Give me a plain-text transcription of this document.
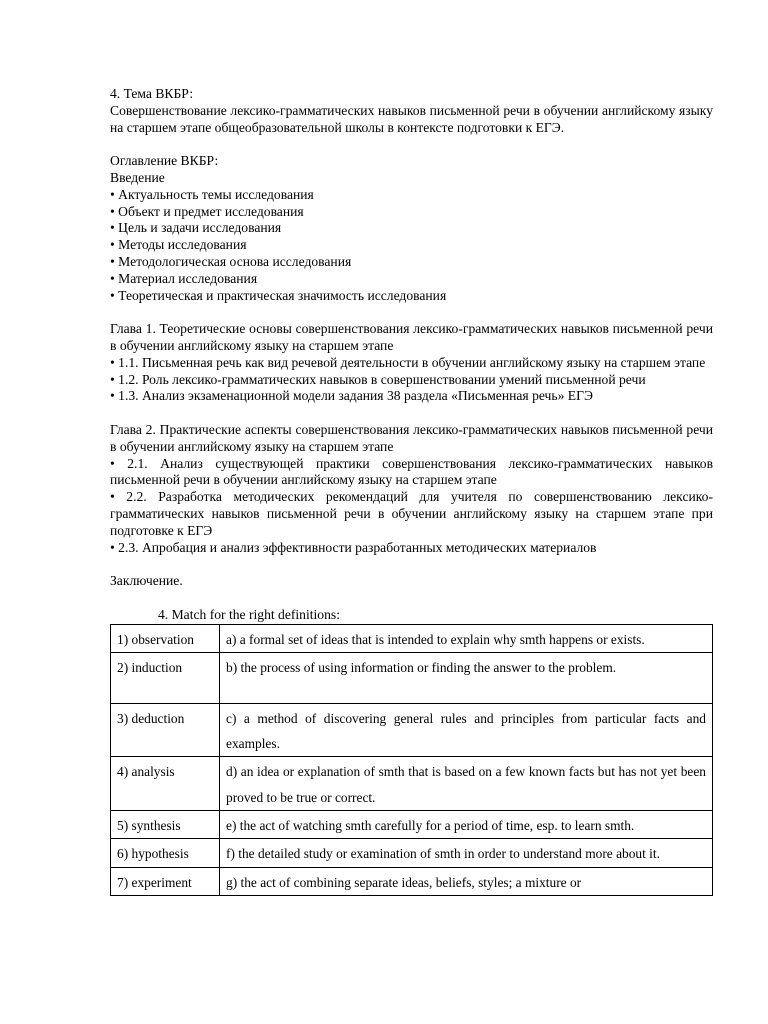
4. Тема ВКБР:

Совершенствование лексико-грамматических навыков письменной речи в обучении английскому языку на старшем этапе общеобразовательной школы в контексте подготовки к ЕГЭ.

Оглавление ВКБР:

Введение

• Актуальность темы исследования

• Объект и предмет исследования

• Цель и задачи исследования

• Методы исследования

• Методологическая основа исследования

• Материал исследования

• Теоретическая и практическая значимость исследования

Глава 1. Теоретические основы совершенствования лексико-грамматических навыков письменной речи в обучении английскому языку на старшем этапе

• 1.1. Письменная речь как вид речевой деятельности в обучении английскому языку на старшем этапе

• 1.2. Роль лексико-грамматических навыков в совершенствовании умений письменной речи

• 1.3. Анализ экзаменационной модели задания 38 раздела «Письменная речь» ЕГЭ

Глава 2. Практические аспекты совершенствования лексико-грамматических навыков письменной речи в обучении английскому языку на старшем этапе

• 2.1. Анализ существующей практики совершенствования лексико-грамматических навыков письменной речи в обучении английскому языку на старшем этапе

• 2.2. Разработка методических рекомендаций для учителя по совершенствованию лексико-грамматических навыков письменной речи в обучении английскому языку на старшем этапе при подготовке к ЕГЭ

• 2.3. Апробация и анализ эффективности разработанных методических материалов

Заключение.

4. Match for the right definitions:

1) observation	a) a formal set of ideas that is intended to explain why smth happens or exists.
2) induction	b) the process of using information or finding the answer to the problem.
3) deduction	c) a method of discovering general rules and principles from particular facts and examples.
4) analysis	d) an idea or explanation of smth that is based on a few known facts but has not yet been proved to be true or correct.
5) synthesis	e) the act of watching smth carefully for a period of time, esp. to learn smth.
6) hypothesis	f) the detailed study or examination of smth in order to understand more about it.
7) experiment	g) the act of combining separate ideas, beliefs, styles; a mixture or
